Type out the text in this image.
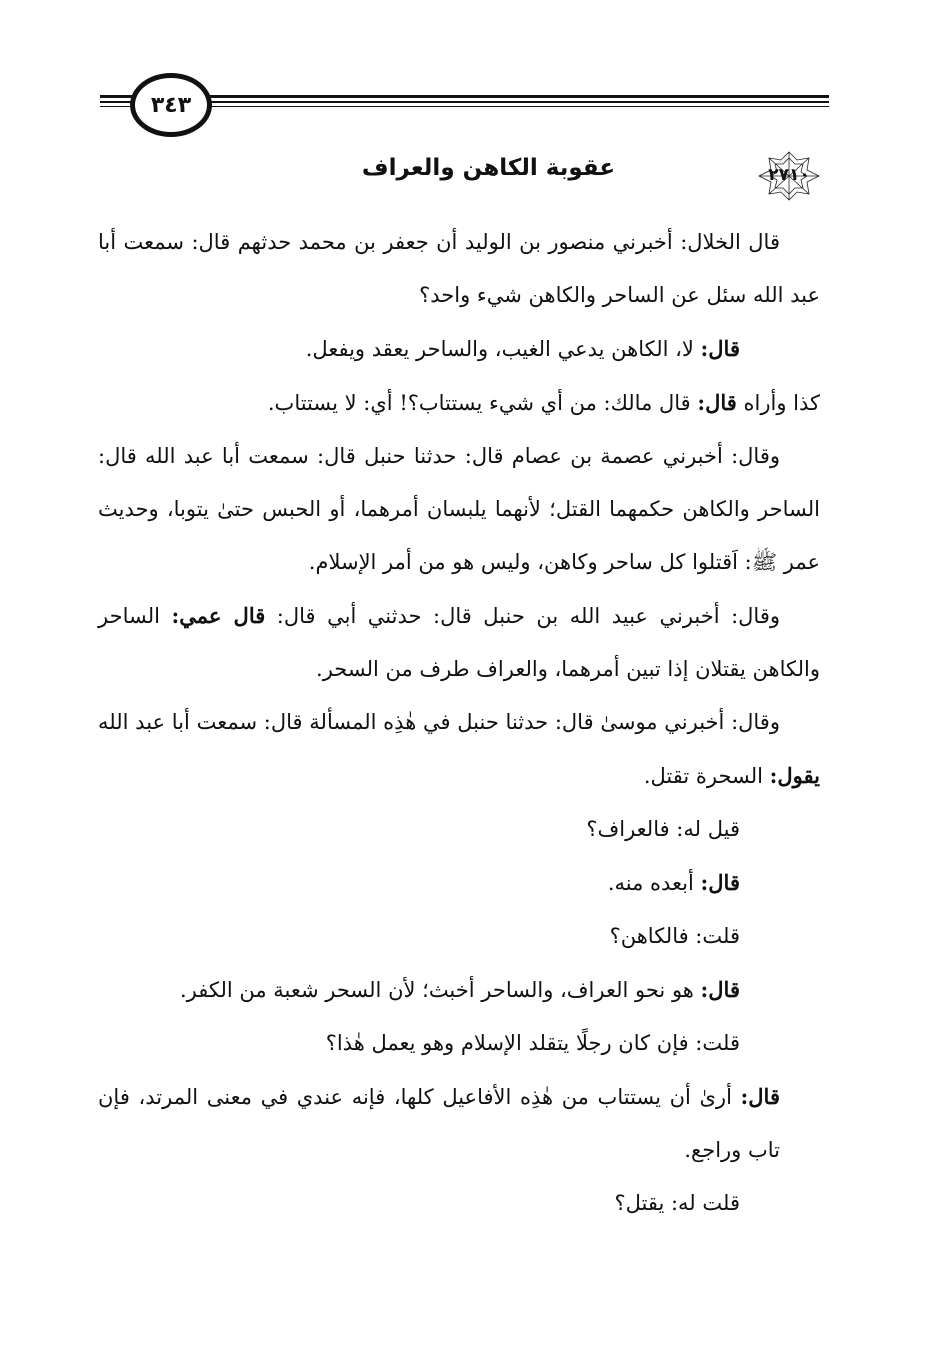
٣٤٣
٢٧١٠
عقوبة الكاهن والعراف

قال الخلال: أخبرني منصور بن الوليد أن جعفر بن محمد حدثهم قال: سمعت أبا عبد الله سئل عن الساحر والكاهن شيء واحد؟

قال: لا، الكاهن يدعي الغيب، والساحر يعقد ويفعل.

كذا وأراه قال: قال مالك: من أي شيء يستتاب؟! أي: لا يستتاب.

وقال: أخبرني عصمة بن عصام قال: حدثنا حنبل قال: سمعت أبا عبد الله قال: الساحر والكاهن حكمهما القتل؛ لأنهما يلبسان أمرهما، أو الحبس حتىٰ يتوبا، وحديث عمر ﷺ: اَقتلوا كل ساحر وكاهن، وليس هو من أمر الإسلام.

وقال: أخبرني عبيد الله بن حنبل قال: حدثني أبي قال: قال عمي: الساحر والكاهن يقتلان إذا تبين أمرهما، والعراف طرف من السحر.

وقال: أخبرني موسىٰ قال: حدثنا حنبل في هٰذِه المسألة قال: سمعت أبا عبد الله يقول: السحرة تقتل.

قيل له: فالعراف؟

قال: أبعده منه.

قلت: فالكاهن؟

قال: هو نحو العراف، والساحر أخبث؛ لأن السحر شعبة من الكفر.

قلت: فإن كان رجلًا يتقلد الإسلام وهو يعمل هٰذا؟

قال: أرىٰ أن يستتاب من هٰذِه الأفاعيل كلها، فإنه عندي في معنى المرتد، فإن تاب وراجع.

قلت له: يقتل؟
